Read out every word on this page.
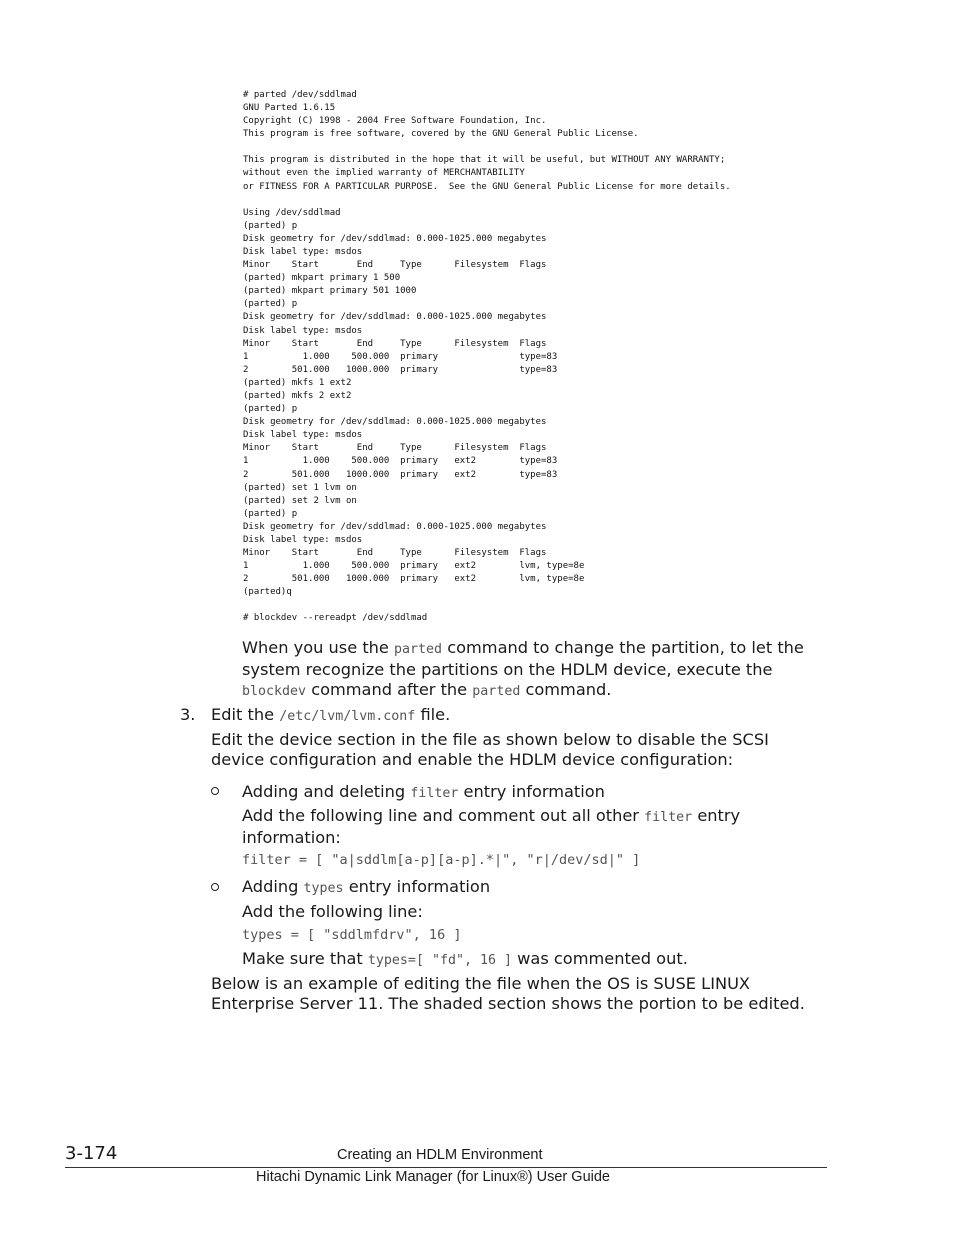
# parted /dev/sddlmad
GNU Parted 1.6.15
Copyright (C) 1998 - 2004 Free Software Foundation, Inc.
This program is free software, covered by the GNU General Public License.
This program is distributed in the hope that it will be useful, but WITHOUT ANY WARRANTY;
without even the implied warranty of MERCHANTABILITY
or FITNESS FOR A PARTICULAR PURPOSE.  See the GNU General Public License for more details.
Using /dev/sddlmad
(parted) p
Disk geometry for /dev/sddlmad: 0.000-1025.000 megabytes
Disk label type: msdos
Minor    Start       End     Type      Filesystem  Flags
(parted) mkpart primary 1 500
(parted) mkpart primary 501 1000
(parted) p
Disk geometry for /dev/sddlmad: 0.000-1025.000 megabytes
Disk label type: msdos
Minor    Start       End     Type      Filesystem  Flags
1          1.000    500.000  primary               type=83
2        501.000   1000.000  primary               type=83
(parted) mkfs 1 ext2
(parted) mkfs 2 ext2
(parted) p
Disk geometry for /dev/sddlmad: 0.000-1025.000 megabytes
Disk label type: msdos
Minor    Start       End     Type      Filesystem  Flags
1          1.000    500.000  primary   ext2        type=83
2        501.000   1000.000  primary   ext2        type=83
(parted) set 1 lvm on
(parted) set 2 lvm on
(parted) p
Disk geometry for /dev/sddlmad: 0.000-1025.000 megabytes
Disk label type: msdos
Minor    Start       End     Type      Filesystem  Flags
1          1.000    500.000  primary   ext2        lvm, type=8e
2        501.000   1000.000  primary   ext2        lvm, type=8e
(parted)q
# blockdev --rereadpt /dev/sddlmad
When you use the parted command to change the partition, to let the
system recognize the partitions on the HDLM device, execute the
blockdev command after the parted command.
3. Edit the /etc/lvm/lvm.conf file.
Edit the device section in the file as shown below to disable the SCSI
device configuration and enable the HDLM device configuration:
Adding and deleting filter entry information
Add the following line and comment out all other filter entry
information:
filter = [ "a|sddlm[a-p][a-p].*|", "r|/dev/sd|" ]
Adding types entry information
Add the following line:
types = [ "sddlmfdrv", 16 ]
Make sure that types=[ "fd", 16 ] was commented out.
Below is an example of editing the file when the OS is SUSE LINUX
Enterprise Server 11. The shaded section shows the portion to be edited.
3-174	Creating an HDLM Environment
Hitachi Dynamic Link Manager (for Linux®) User Guide
